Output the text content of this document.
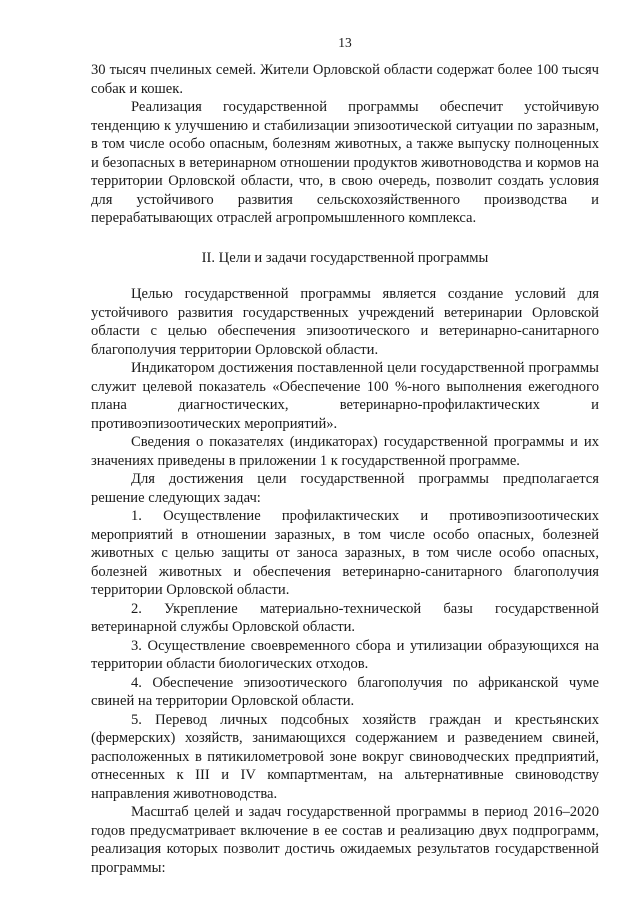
13

30 тысяч пчелиных семей. Жители Орловской области содержат более 100 тысяч собак и кошек.

Реализация государственной программы обеспечит устойчивую тенденцию к улучшению и стабилизации эпизоотической ситуации по заразным, в том числе особо опасным, болезням животных, а также выпуску полноценных и безопасных в ветеринарном отношении продуктов животноводства и кормов на территории Орловской области, что, в свою очередь, позволит создать условия для устойчивого развития сельскохозяйственного производства и перерабатывающих отраслей агропромышленного комплекса.

II. Цели и задачи государственной программы

Целью государственной программы является создание условий для устойчивого развития государственных учреждений ветеринарии Орловской области с целью обеспечения эпизоотического и ветеринарно-санитарного благополучия территории Орловской области.

Индикатором достижения поставленной цели государственной программы служит целевой показатель «Обеспечение 100 %-ного выполнения ежегодного плана диагностических, ветеринарно-профилактических и противоэпизоотических мероприятий».

Сведения о показателях (индикаторах) государственной программы и их значениях приведены в приложении 1 к государственной программе.

Для достижения цели государственной программы предполагается решение следующих задач:

1. Осуществление профилактических и противоэпизоотических мероприятий в отношении заразных, в том числе особо опасных, болезней животных с целью защиты от заноса заразных, в том числе особо опасных, болезней животных и обеспечения ветеринарно-санитарного благополучия территории Орловской области.

2. Укрепление материально-технической базы государственной ветеринарной службы Орловской области.

3. Осуществление своевременного сбора и утилизации образующихся на территории области биологических отходов.

4. Обеспечение эпизоотического благополучия по африканской чуме свиней на территории Орловской области.

5. Перевод личных подсобных хозяйств граждан и крестьянских (фермерских) хозяйств, занимающихся содержанием и разведением свиней, расположенных в пятикилометровой зоне вокруг свиноводческих предприятий, отнесенных к III и IV компартментам, на альтернативные свиноводству направления животноводства.

Масштаб целей и задач государственной программы в период 2016–2020 годов предусматривает включение в ее состав и реализацию двух подпрограмм, реализация которых позволит достичь ожидаемых результатов государственной программы:
